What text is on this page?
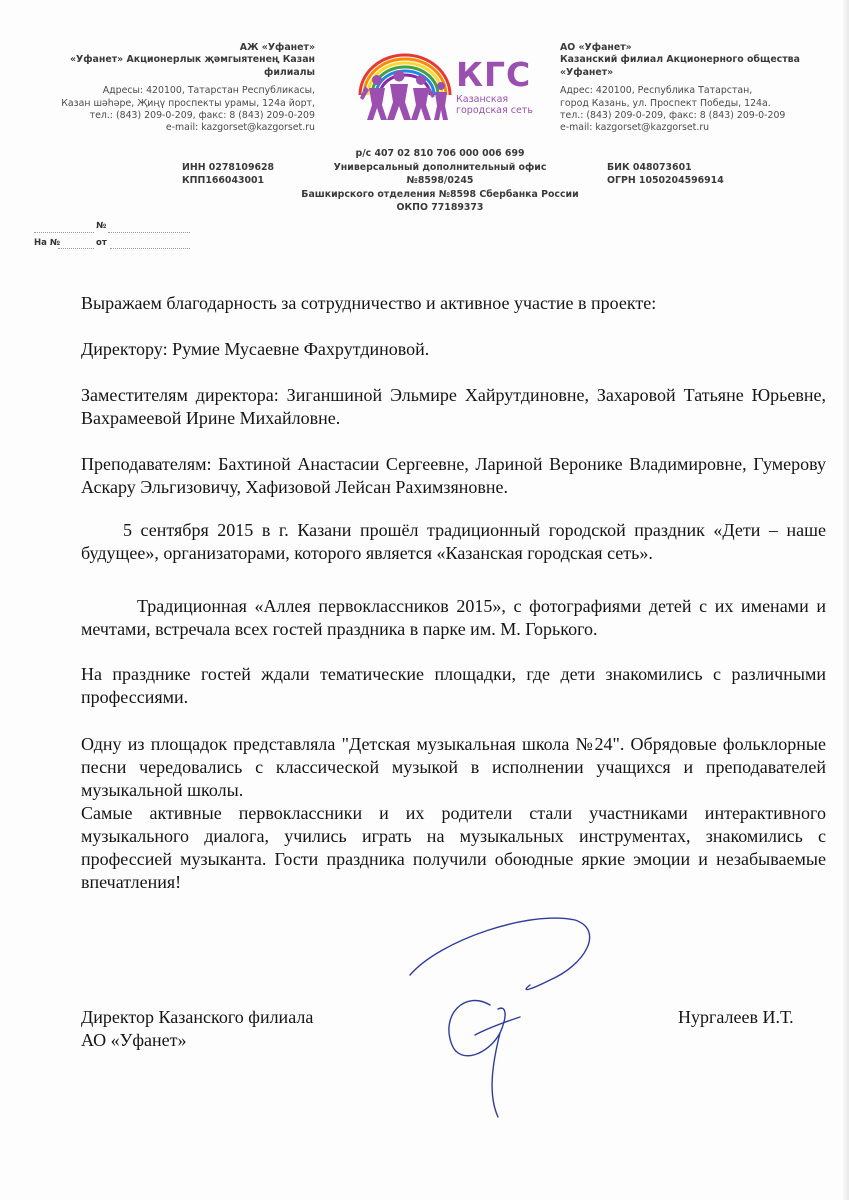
АЖ «Уфанет»
«Уфанет» Акционерлык җәмгыятенең Казан филиалы
Адресы: 420100, Татарстан Республикасы,
Казан шәһәре, Җиңү проспекты урамы, 124а йорт,
тел.: (843) 209-0-209, факс: 8 (843) 209-0-209
e-mail: kazgorset@kazgorset.ru
КГС
Казанская
городская сеть
АО «Уфанет»
Казанский филиал Акционерного общества «Уфанет»
Адрес: 420100, Республика Татарстан,
город Казань, ул. Проспект Победы, 124а.
тел.: (843) 209-0-209, факс: 8 (843) 209-0-209
e-mail: kazgorset@kazgorset.ru
ИНН 0278109628
КПП166043001
р/с 407 02 810 706 000 006 699
Универсальный дополнительный офис №8598/0245
Башкирского отделения №8598 Сбербанка России
ОКПО 77189373
БИК 048073601
ОГРН 1050204596914
№
На №	от

Выражаем благодарность за сотрудничество и активное участие в проекте:

Директору: Румие Мусаевне Фахрутдиновой.

Заместителям директора: Зиганшиной Эльмире Хайрутдиновне, Захаровой Татьяне Юрьевне, Вахрамеевой Ирине Михайловне.

Преподавателям: Бахтиной Анастасии Сергеевне, Лариной Веронике Владимировне, Гумерову Аскару Эльгизовичу, Хафизовой Лейсан Рахимзяновне.

5 сентября 2015 в г. Казани прошёл традиционный городской праздник «Дети – наше будущее», организаторами, которого является «Казанская городская сеть».

Традиционная «Аллея первоклассников 2015», с фотографиями детей с их именами и мечтами, встречала всех гостей праздника в парке им. М. Горького.

На празднике гостей ждали тематические площадки, где дети знакомились с различными профессиями.

Одну из площадок представляла "Детская музыкальная школа №24". Обрядовые фольклорные песни чередовались с классической музыкой в исполнении учащихся и преподавателей музыкальной школы.

Самые активные первоклассники и их родители стали участниками интерактивного музыкального диалога, учились играть на музыкальных инструментах, знакомились с профессией музыканта. Гости праздника получили обоюдные яркие эмоции и незабываемые впечатления!

Директор Казанского филиала
АО «Уфанет»
Нургалеев И.Т.
